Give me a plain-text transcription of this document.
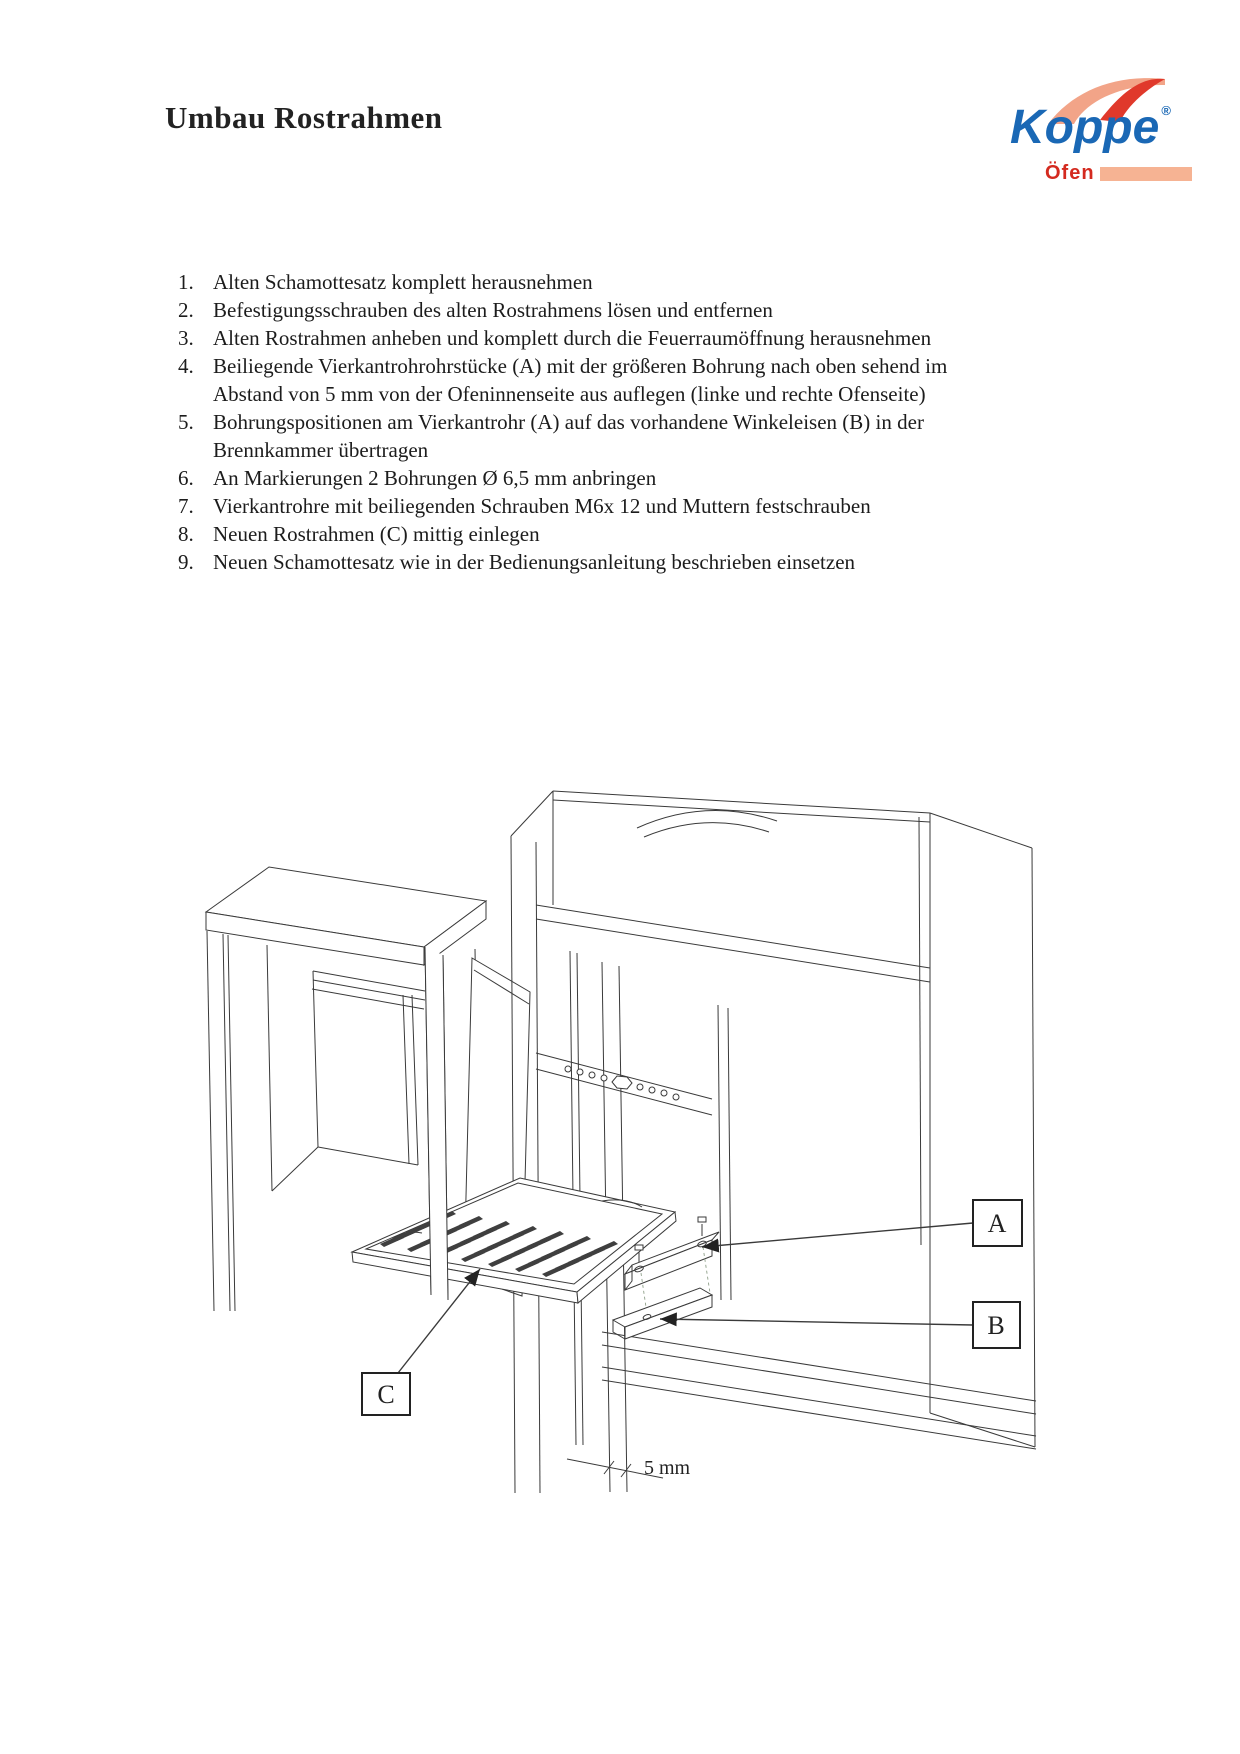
Umbau Rostrahmen	Koppe ®
Öfen
1. Alten Schamottesatz komplett herausnehmen
2. Befestigungsschrauben des alten Rostrahmens lösen und entfernen
3. Alten Rostrahmen anheben und komplett durch die Feuerraumöffnung herausnehmen
4. Beiliegende Vierkantrohrohrstücke (A) mit der größeren Bohrung nach oben sehend im Abstand von 5 mm von der Ofeninnenseite aus auflegen (linke und rechte Ofenseite)
5. Bohrungspositionen am Vierkantrohr (A) auf das vorhandene Winkeleisen (B) in der Brennkammer übertragen
6. An Markierungen 2 Bohrungen Ø 6,5 mm anbringen
7. Vierkantrohre mit beiliegenden Schrauben M6x 12 und Muttern festschrauben
8. Neuen Rostrahmen (C) mittig einlegen
9. Neuen Schamottesatz wie in der Bedienungsanleitung beschrieben einsetzen
A
B
C
5 mm
